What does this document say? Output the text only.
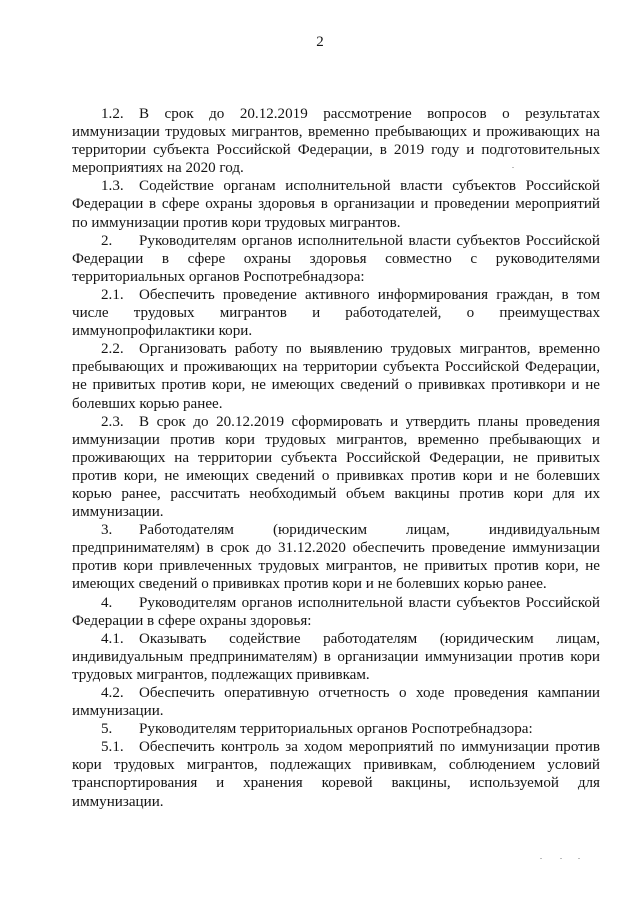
2

1.2. В срок до 20.12.2019 рассмотрение вопросов о результатах иммунизации трудовых мигрантов, временно пребывающих и проживающих на территории субъекта Российской Федерации, в 2019 году и подготовительных мероприятиях на 2020 год.

1.3. Содействие органам исполнительной власти субъектов Российской Федерации в сфере охраны здоровья в организации и проведении мероприятий по иммунизации против кори трудовых мигрантов.

2. Руководителям органов исполнительной власти субъектов Российской Федерации в сфере охраны здоровья совместно с руководителями территориальных органов Роспотребнадзора:

2.1. Обеспечить проведение активного информирования граждан, в том числе трудовых мигрантов и работодателей, о преимуществах иммунопрофилактики кори.

2.2. Организовать работу по выявлению трудовых мигрантов, временно пребывающих и проживающих на территории субъекта Российской Федерации, не привитых против кори, не имеющих сведений о прививках противкори и не болевших корью ранее.

2.3. В срок до 20.12.2019 сформировать и утвердить планы проведения иммунизации против кори трудовых мигрантов, временно пребывающих и проживающих на территории субъекта Российской Федерации, не привитых против кори, не имеющих сведений о прививках против кори и не болевших корью ранее, рассчитать необходимый объем вакцины против кори для их иммунизации.

3. Работодателям (юридическим лицам, индивидуальным предпринимателям) в срок до 31.12.2020 обеспечить проведение иммунизации против кори привлеченных трудовых мигрантов, не привитых против кори, не имеющих сведений о прививках против кори и не болевших корью ранее.

4. Руководителям органов исполнительной власти субъектов Российской Федерации в сфере охраны здоровья:

4.1. Оказывать содействие работодателям (юридическим лицам, индивидуальным предпринимателям) в организации иммунизации против кори трудовых мигрантов, подлежащих прививкам.

4.2. Обеспечить оперативную отчетность о ходе проведения кампании иммунизации.

5. Руководителям территориальных органов Роспотребнадзора:

5.1. Обеспечить контроль за ходом мероприятий по иммунизации против кори трудовых мигрантов, подлежащих прививкам, соблюдением условий транспортирования и хранения коревой вакцины, используемой для иммунизации.
